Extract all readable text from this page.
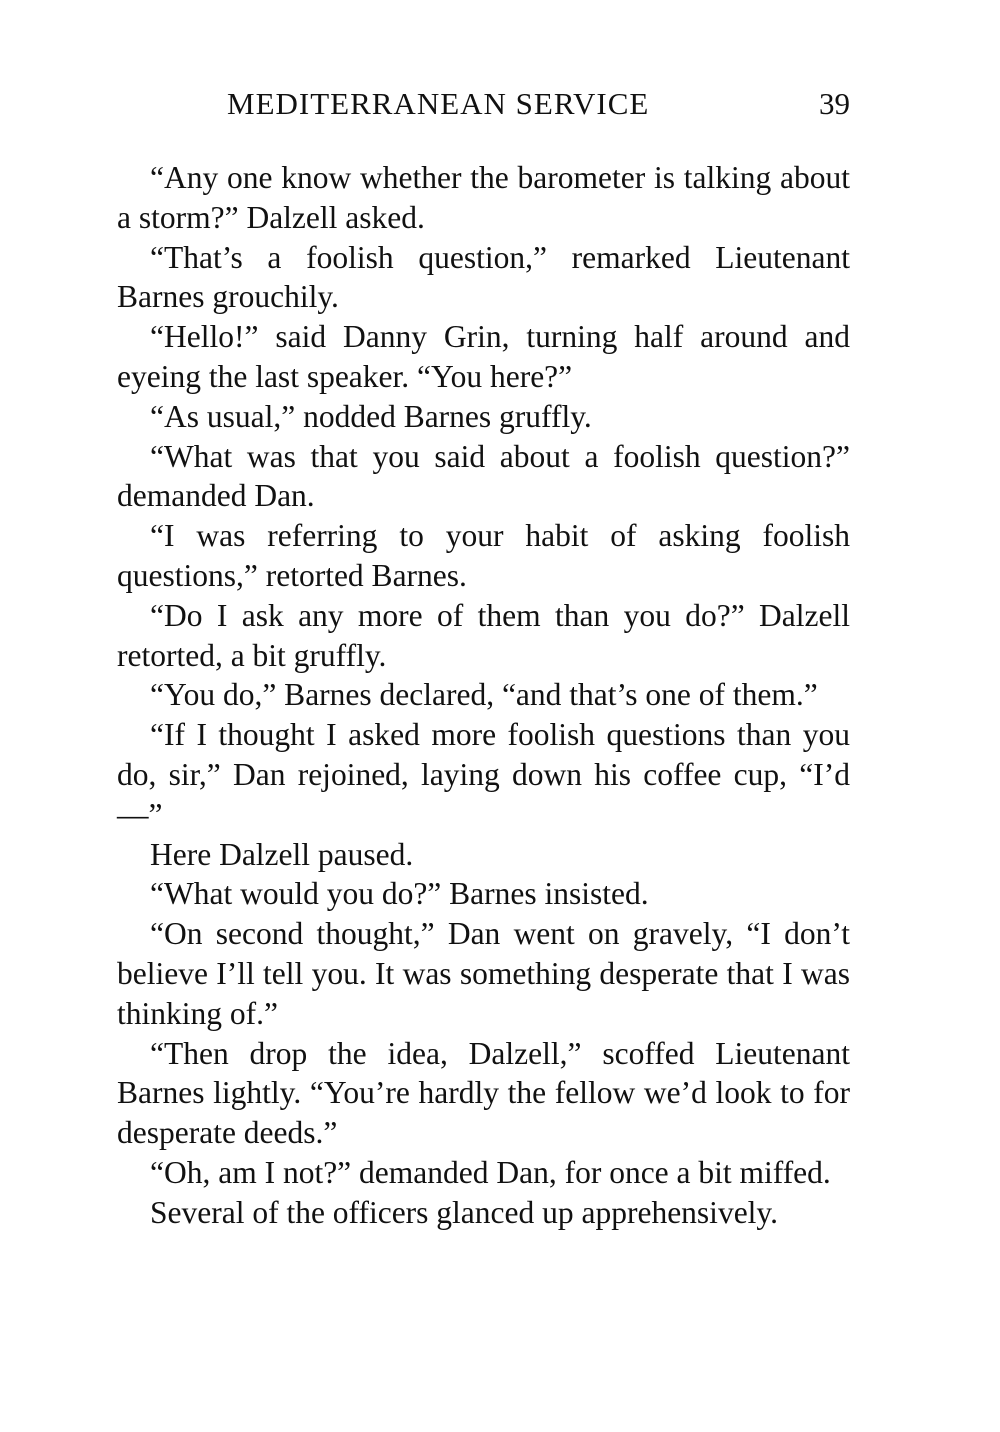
MEDITERRANEAN SERVICE	39

“Any one know whether the barometer is talking about a storm?” Dalzell asked.

“That’s a foolish question,” remarked Lieutenant Barnes grouchily.

“Hello!” said Danny Grin, turning half around and eyeing the last speaker. “You here?”

“As usual,” nodded Barnes gruffly.

“What was that you said about a foolish question?” demanded Dan.

“I was referring to your habit of asking foolish questions,” retorted Barnes.

“Do I ask any more of them than you do?” Dalzell retorted, a bit gruffly.

“You do,” Barnes declared, “and that’s one of them.”

“If I thought I asked more foolish questions than you do, sir,” Dan rejoined, laying down his coffee cup, “I’d —”

Here Dalzell paused.

“What would you do?” Barnes insisted.

“On second thought,” Dan went on gravely, “I don’t believe I’ll tell you. It was something desperate that I was thinking of.”

“Then drop the idea, Dalzell,” scoffed Lieutenant Barnes lightly. “You’re hardly the fellow we’d look to for desperate deeds.”

“Oh, am I not?” demanded Dan, for once a bit miffed.

Several of the officers glanced up apprehensively.
